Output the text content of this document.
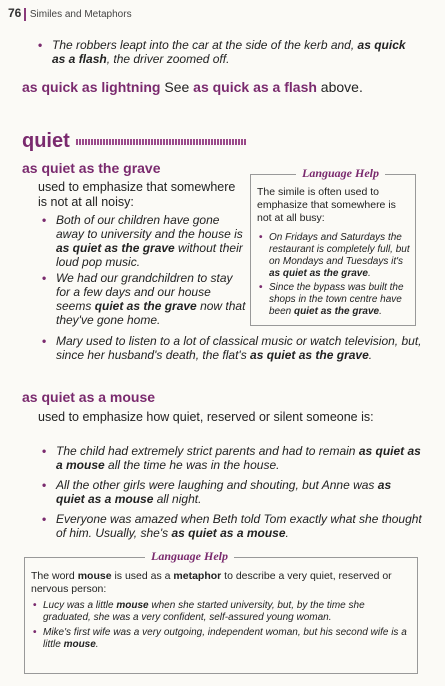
76 Similes and Metaphors
• The robbers leapt into the car at the side of the kerb and, as quick as a flash, the driver zoomed off.
as quick as lightning See as quick as a flash above.
quiet
as quiet as the grave
used to emphasize that somewhere is not at all noisy:
• Both of our children have gone away to university and the house is as quiet as the grave without their loud pop music.
• We had our grandchildren to stay for a few days and our house seems quiet as the grave now that they've gone home.
• Mary used to listen to a lot of classical music or watch television, but, since her husband's death, the flat's as quiet as the grave.
Language Help
The simile is often used to emphasize that somewhere is not at all busy:
• On Fridays and Saturdays the restaurant is completely full, but on Mondays and Tuesdays it's as quiet as the grave.
• Since the bypass was built the shops in the town centre have been quiet as the grave.
as quiet as a mouse
used to emphasize how quiet, reserved or silent someone is:
• The child had extremely strict parents and had to remain as quiet as a mouse all the time he was in the house.
• All the other girls were laughing and shouting, but Anne was as quiet as a mouse all night.
• Everyone was amazed when Beth told Tom exactly what she thought of him. Usually, she's as quiet as a mouse.
Language Help
The word mouse is used as a metaphor to describe a very quiet, reserved or nervous person:
• Lucy was a little mouse when she started university, but, by the time she graduated, she was a very confident, self-assured young woman.
• Mike's first wife was a very outgoing, independent woman, but his second wife is a little mouse.
